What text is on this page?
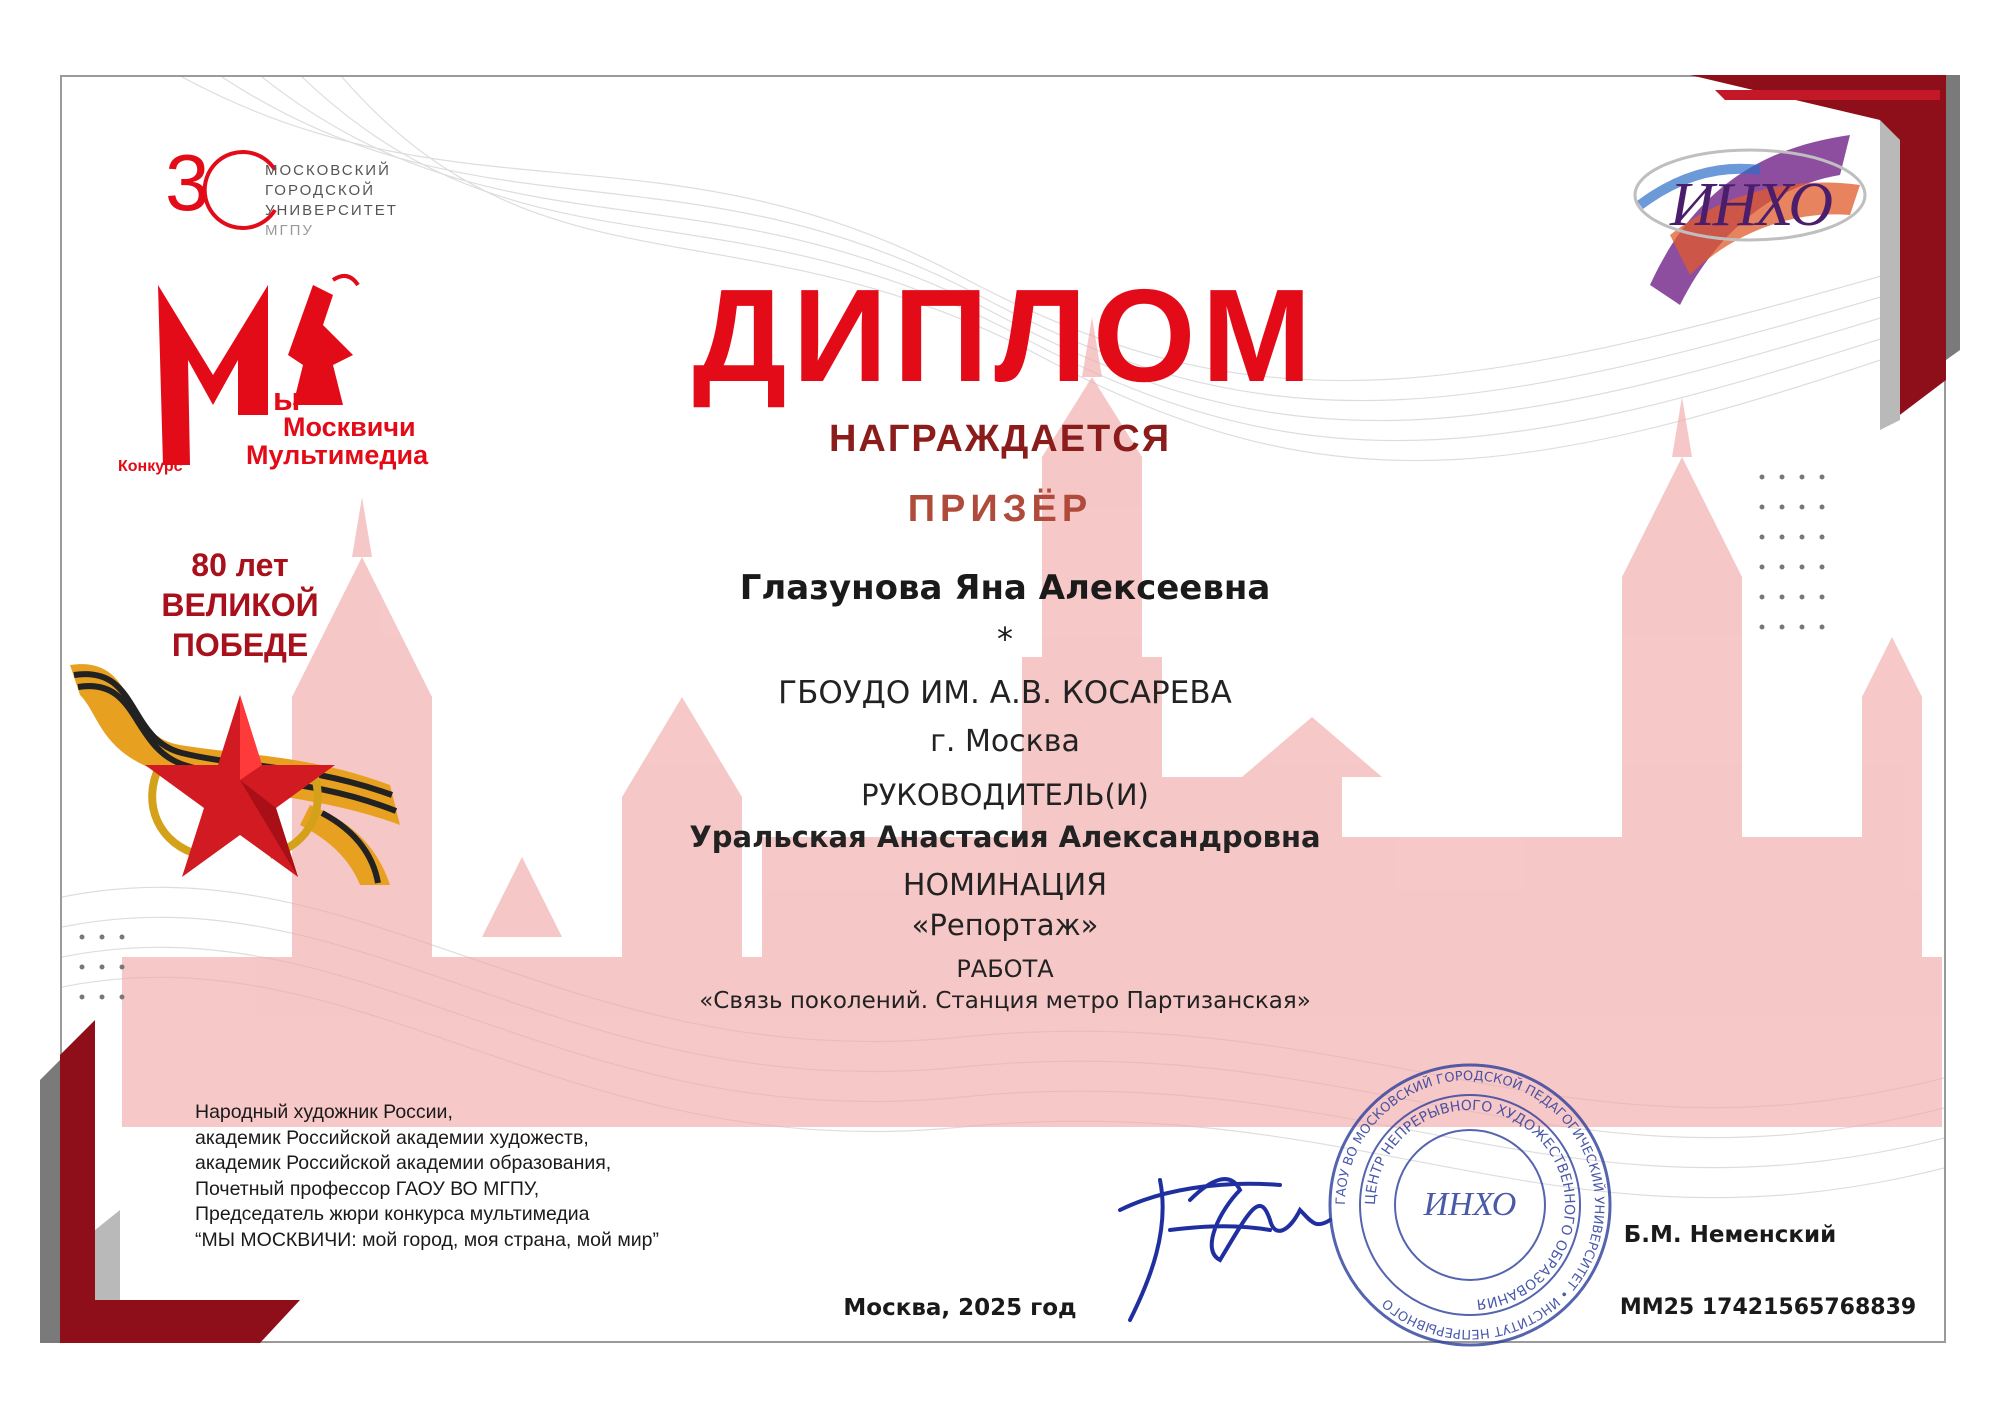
3	МОСКОВСКИЙ
ГОРОДСКОЙ
УНИВЕРСИТЕТ
МГПУ
ы
Москвичи
Мультимедиа
Конкурс
80 лет
ВЕЛИКОЙ
ПОБЕДЕ
ИНХО
ДИПЛОМ
НАГРАЖДАЕТСЯ
ПРИЗЁР
Глазунова Яна Алексеевна
*
ГБОУДО ИМ. А.В. КОСАРЕВА
г. Москва
РУКОВОДИТЕЛЬ(И)
Уральская Анастасия Александровна
НОМИНАЦИЯ
«Репортаж»
РАБОТА
«Связь поколений. Станция метро Партизанская»
Народный художник России,
академик Российской академии художеств,
академик Российской академии образования,
Почетный профессор ГАОУ ВО МГПУ,
Председатель жюри конкурса мультимедиа
“МЫ МОСКВИЧИ: мой город, моя страна, мой мир”
ГАОУ ВО МОСКОВСКИЙ ГОРОДСКОЙ ПЕДАГОГИЧЕСКИЙ УНИВЕРСИТЕТ • ИНСТИТУТ НЕПРЕРЫВНОГО
ЦЕНТР НЕПРЕРЫВНОГО ХУДОЖЕСТВЕННОГО ОБРАЗОВАНИЯ
ИНХО
Москва, 2025 год
Б.М. Неменский
ММ25 17421565768839
